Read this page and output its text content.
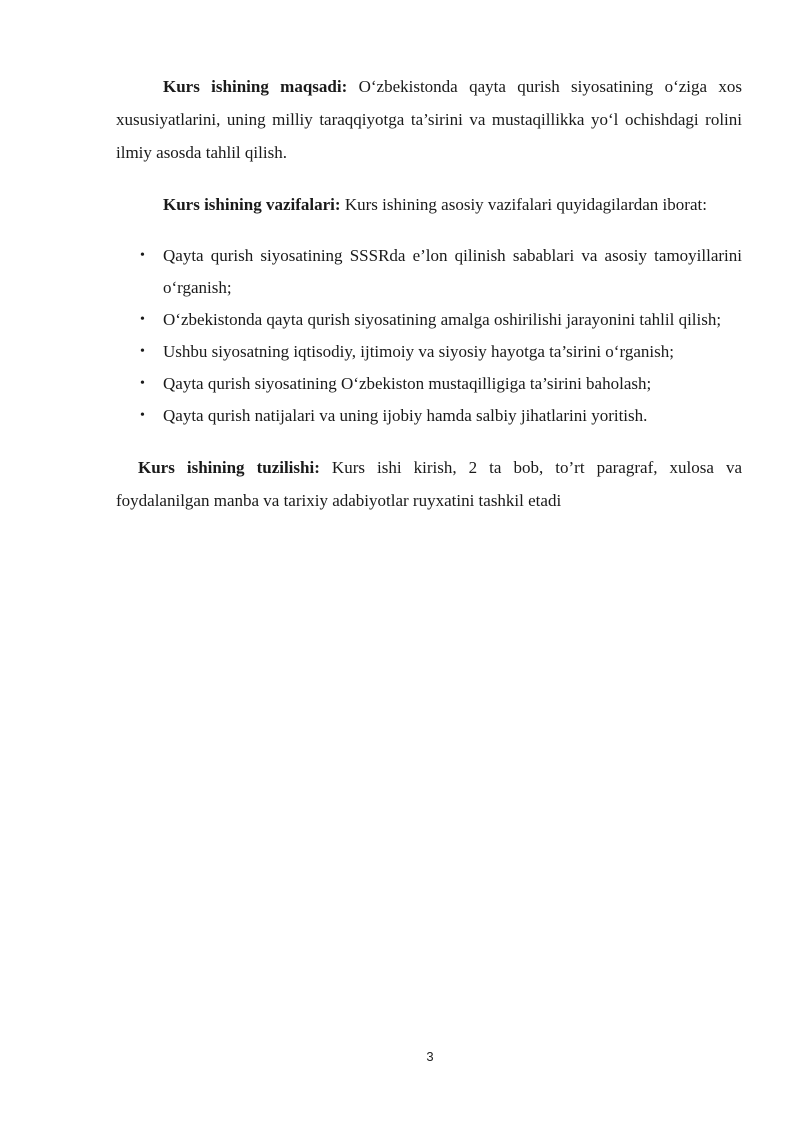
Kurs ishining maqsadi: O‘zbekistonda qayta qurish siyosatining o‘ziga xos xususiyatlarini, uning milliy taraqqiyotga ta’sirini va mustaqillikka yo‘l ochishdagi rolini ilmiy asosda tahlil qilish.

Kurs ishining vazifalari: Kurs ishining asosiy vazifalari quyidagilardan iborat:

• Qayta qurish siyosatining SSSRda e’lon qilinish sabablari va asosiy tamoyillarini o‘rganish;
• O‘zbekistonda qayta qurish siyosatining amalga oshirilishi jarayonini tahlil qilish;
• Ushbu siyosatning iqtisodiy, ijtimoiy va siyosiy hayotga ta’sirini o‘rganish;
• Qayta qurish siyosatining O‘zbekiston mustaqilligiga ta’sirini baholash;
• Qayta qurish natijalari va uning ijobiy hamda salbiy jihatlarini yoritish.

Kurs ishining tuzilishi: Kurs ishi kirish, 2 ta bob, to’rt paragraf, xulosa va foydalanilgan manba va tarixiy adabiyotlar ruyxatini tashkil etadi

3
